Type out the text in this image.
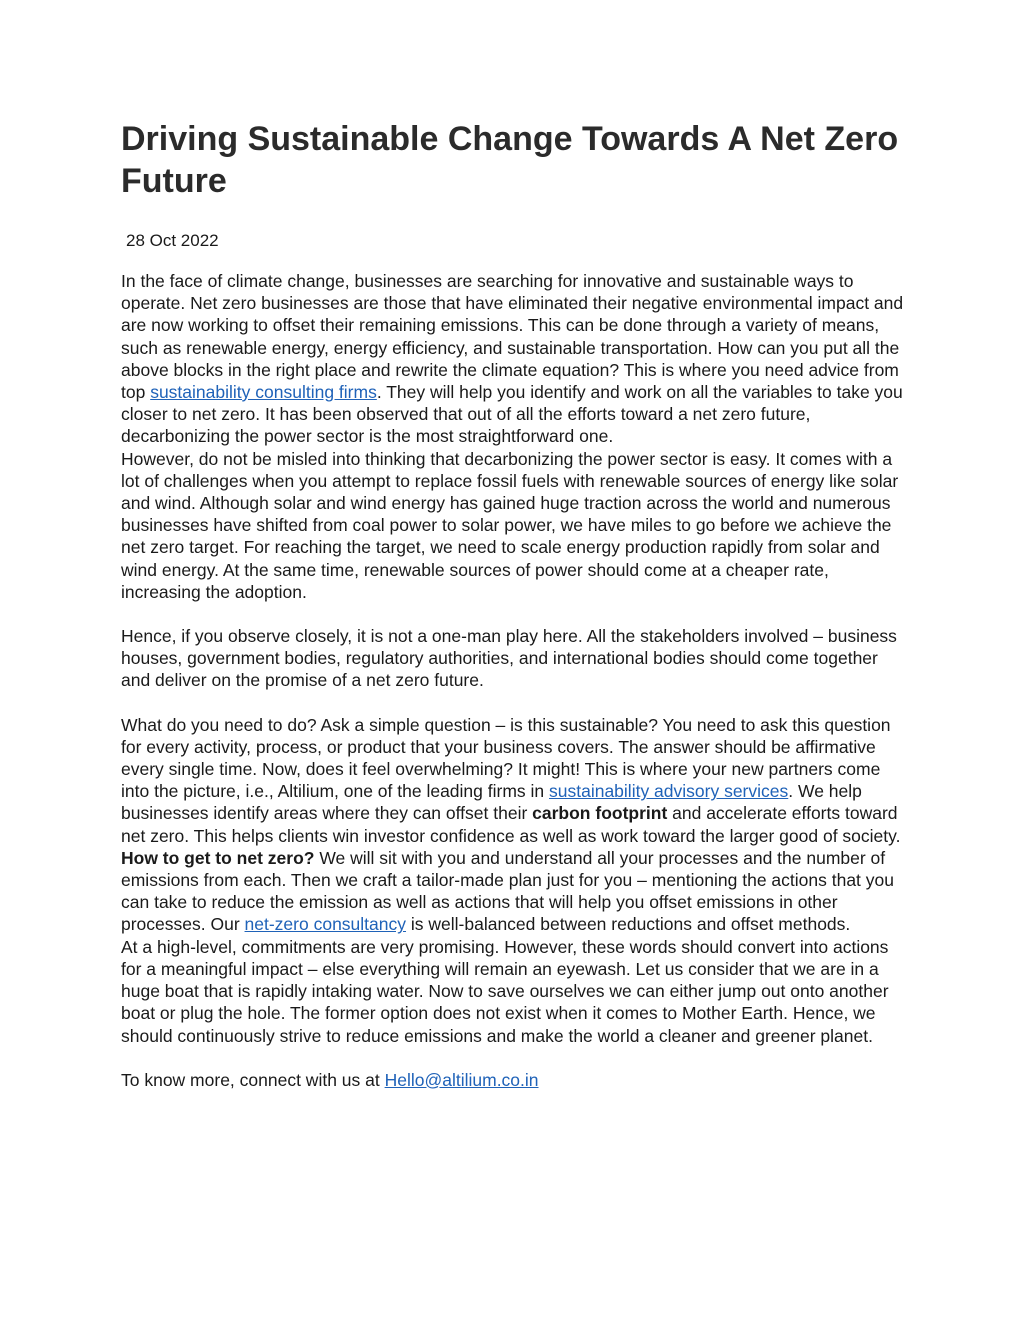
Driving Sustainable Change Towards A Net Zero Future
28 Oct 2022

In the face of climate change, businesses are searching for innovative and sustainable ways to operate. Net zero businesses are those that have eliminated their negative environmental impact and are now working to offset their remaining emissions. This can be done through a variety of means, such as renewable energy, energy efficiency, and sustainable transportation. How can you put all the above blocks in the right place and rewrite the climate equation? This is where you need advice from top sustainability consulting firms. They will help you identify and work on all the variables to take you closer to net zero. It has been observed that out of all the efforts toward a net zero future, decarbonizing the power sector is the most straightforward one.

However, do not be misled into thinking that decarbonizing the power sector is easy. It comes with a lot of challenges when you attempt to replace fossil fuels with renewable sources of energy like solar and wind. Although solar and wind energy has gained huge traction across the world and numerous businesses have shifted from coal power to solar power, we have miles to go before we achieve the net zero target. For reaching the target, we need to scale energy production rapidly from solar and wind energy. At the same time, renewable sources of power should come at a cheaper rate, increasing the adoption.

Hence, if you observe closely, it is not a one-man play here. All the stakeholders involved – business houses, government bodies, regulatory authorities, and international bodies should come together and deliver on the promise of a net zero future.

What do you need to do? Ask a simple question – is this sustainable? You need to ask this question for every activity, process, or product that your business covers. The answer should be affirmative every single time. Now, does it feel overwhelming? It might! This is where your new partners come into the picture, i.e., Altilium, one of the leading firms in sustainability advisory services. We help businesses identify areas where they can offset their carbon footprint and accelerate efforts toward net zero. This helps clients win investor confidence as well as work toward the larger good of society.

How to get to net zero? We will sit with you and understand all your processes and the number of emissions from each. Then we craft a tailor-made plan just for you – mentioning the actions that you can take to reduce the emission as well as actions that will help you offset emissions in other processes. Our net-zero consultancy is well-balanced between reductions and offset methods.

At a high-level, commitments are very promising. However, these words should convert into actions for a meaningful impact – else everything will remain an eyewash. Let us consider that we are in a huge boat that is rapidly intaking water. Now to save ourselves we can either jump out onto another boat or plug the hole. The former option does not exist when it comes to Mother Earth. Hence, we should continuously strive to reduce emissions and make the world a cleaner and greener planet.

To know more, connect with us at Hello@altilium.co.in
